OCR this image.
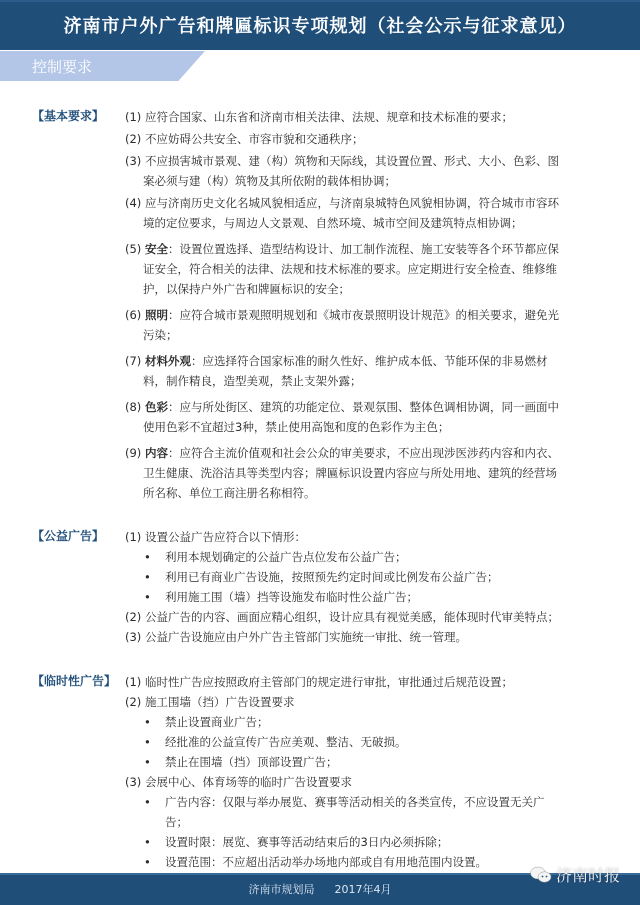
济南市户外广告和牌匾标识专项规划（社会公示与征求意见）
控制要求
【基本要求】 (1) 应符合国家、山东省和济南市相关法律、法规、规章和技术标准的要求；
(2) 不应妨碍公共安全、市容市貌和交通秩序；
(3) 不应损害城市景观、建（构）筑物和天际线，其设置位置、形式、大小、色彩、图案必须与建（构）筑物及其所依附的载体相协调；
(4) 应与济南历史文化名城风貌相适应，与济南泉城特色风貌相协调，符合城市市容环境的定位要求，与周边人文景观、自然环境、城市空间及建筑特点相协调；
(5) 安全：设置位置选择、造型结构设计、加工制作流程、施工安装等各个环节都应保证安全，符合相关的法律、法规和技术标准的要求。应定期进行安全检查、维修维护，以保持户外广告和牌匾标识的安全；
(6) 照明：应符合城市景观照明规划和《城市夜景照明设计规范》的相关要求，避免光污染；
(7) 材料外观：应选择符合国家标准的耐久性好、维护成本低、节能环保的非易燃材料，制作精良，造型美观，禁止支架外露；
(8) 色彩：应与所处街区、建筑的功能定位、景观氛围、整体色调相协调，同一画面中使用色彩不宜超过3种，禁止使用高饱和度的色彩作为主色；
(9) 内容：应符合主流价值观和社会公众的审美要求，不应出现涉医涉药内容和内衣、卫生健康、洗浴洁具等类型内容；牌匾标识设置内容应与所处用地、建筑的经营场所名称、单位工商注册名称相符。
【公益广告】 (1) 设置公益广告应符合以下情形：
•	利用本规划确定的公益广告点位发布公益广告；
•	利用已有商业广告设施，按照预先约定时间或比例发布公益广告；
•	利用施工围（墙）挡等设施发布临时性公益广告；
(2) 公益广告的内容、画面应精心组织，设计应具有视觉美感，能体现时代审美特点；
(3) 公益广告设施应由户外广告主管部门实施统一审批、统一管理。
【临时性广告】 (1) 临时性广告应按照政府主管部门的规定进行审批，审批通过后规范设置；
(2) 施工围墙（挡）广告设置要求
•	禁止设置商业广告；
•	经批准的公益宣传广告应美观、整洁、无破损。
•	禁止在围墙（挡）顶部设置广告；
(3) 会展中心、体育场等的临时广告设置要求
•	广告内容：仅限与举办展览、赛事等活动相关的各类宣传，不应设置无关广告；
•	设置时限：展览、赛事等活动结束后的3日内必须拆除；
•	设置范围：不应超出活动举办场地内部或自有用地范围内设置。
济南市规划局 2017年4月
济南时报
